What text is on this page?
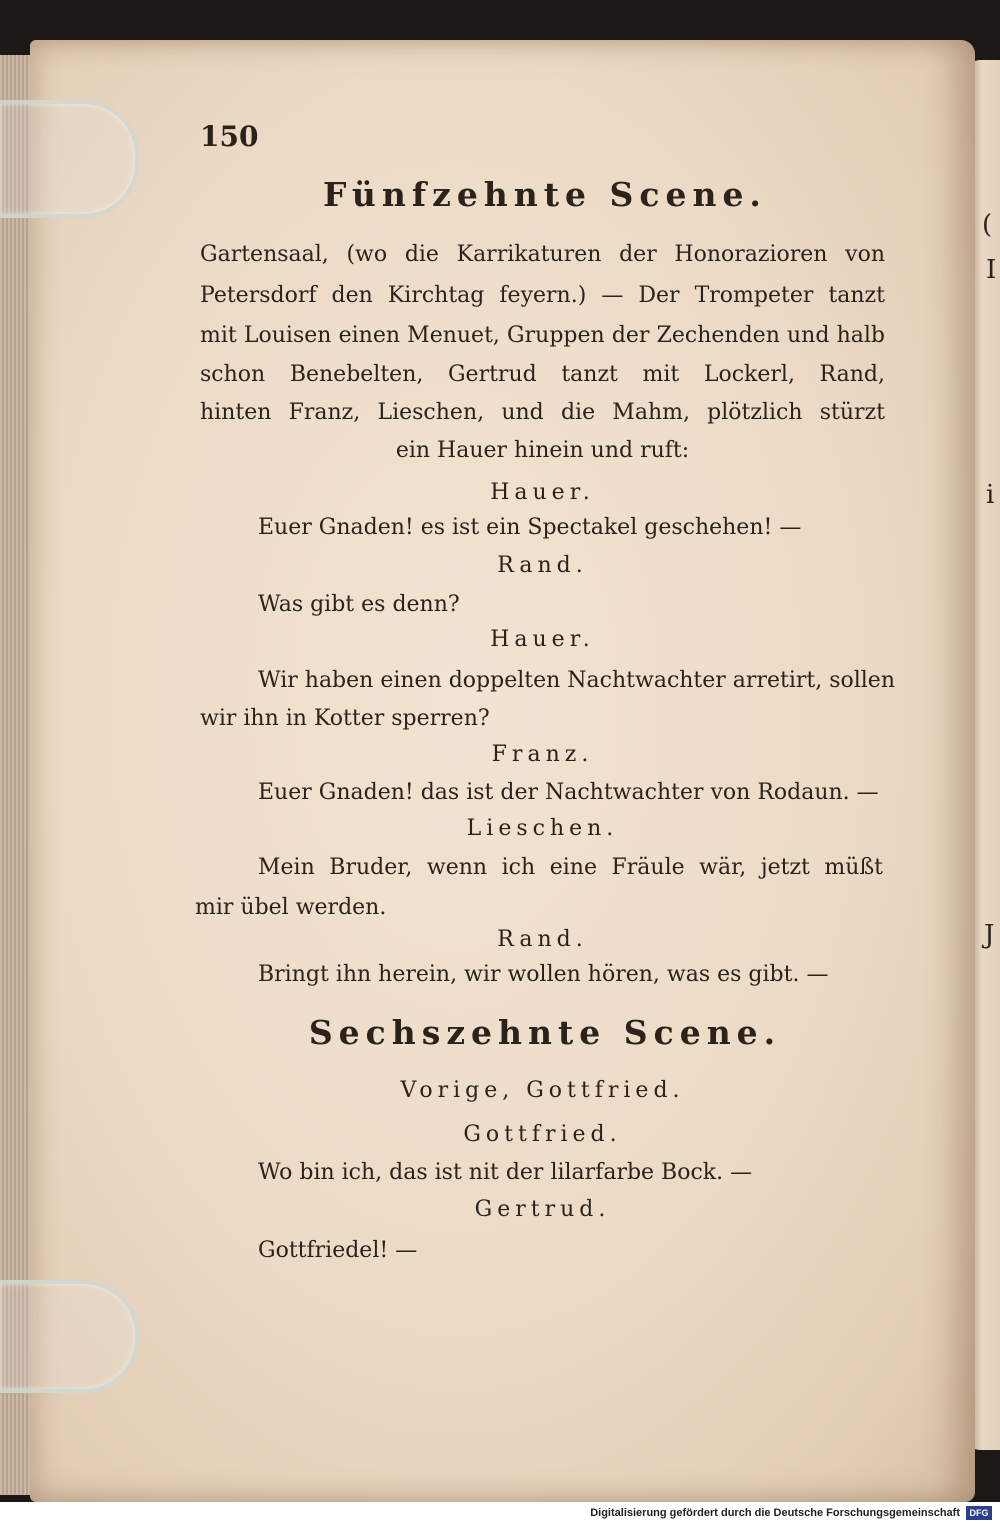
(
I
i
J
150
Fünfzehnte Scene.
Gartensaal, (wo die Karrikaturen der Honorazioren von
Petersdorf den Kirchtag feyern.) — Der Trompeter tanzt
mit Louisen einen Menuet, Gruppen der Zechenden und halb
schon Benebelten, Gertrud tanzt mit Lockerl, Rand,
hinten Franz, Lieschen, und die Mahm, plötzlich stürzt
ein Hauer hinein und ruft:
Hauer.
Euer Gnaden! es ist ein Spectakel geschehen! —
Rand.
Was gibt es denn?
Hauer.
Wir haben einen doppelten Nachtwachter arretirt, sollen
wir ihn in Kotter sperren?
Franz.
Euer Gnaden! das ist der Nachtwachter von Rodaun. —
Lieschen.
Mein Bruder, wenn ich eine Fräule wär, jetzt müßt
mir übel werden.
Rand.
Bringt ihn herein, wir wollen hören, was es gibt. —
Sechszehnte Scene.
Vorige, Gottfried.
Gottfried.
Wo bin ich, das ist nit der lilarfarbe Bock. —
Gertrud.
Gottfriedel! —
Digitalisierung gefördert durch die Deutsche Forschungsgemeinschaft	DFG
